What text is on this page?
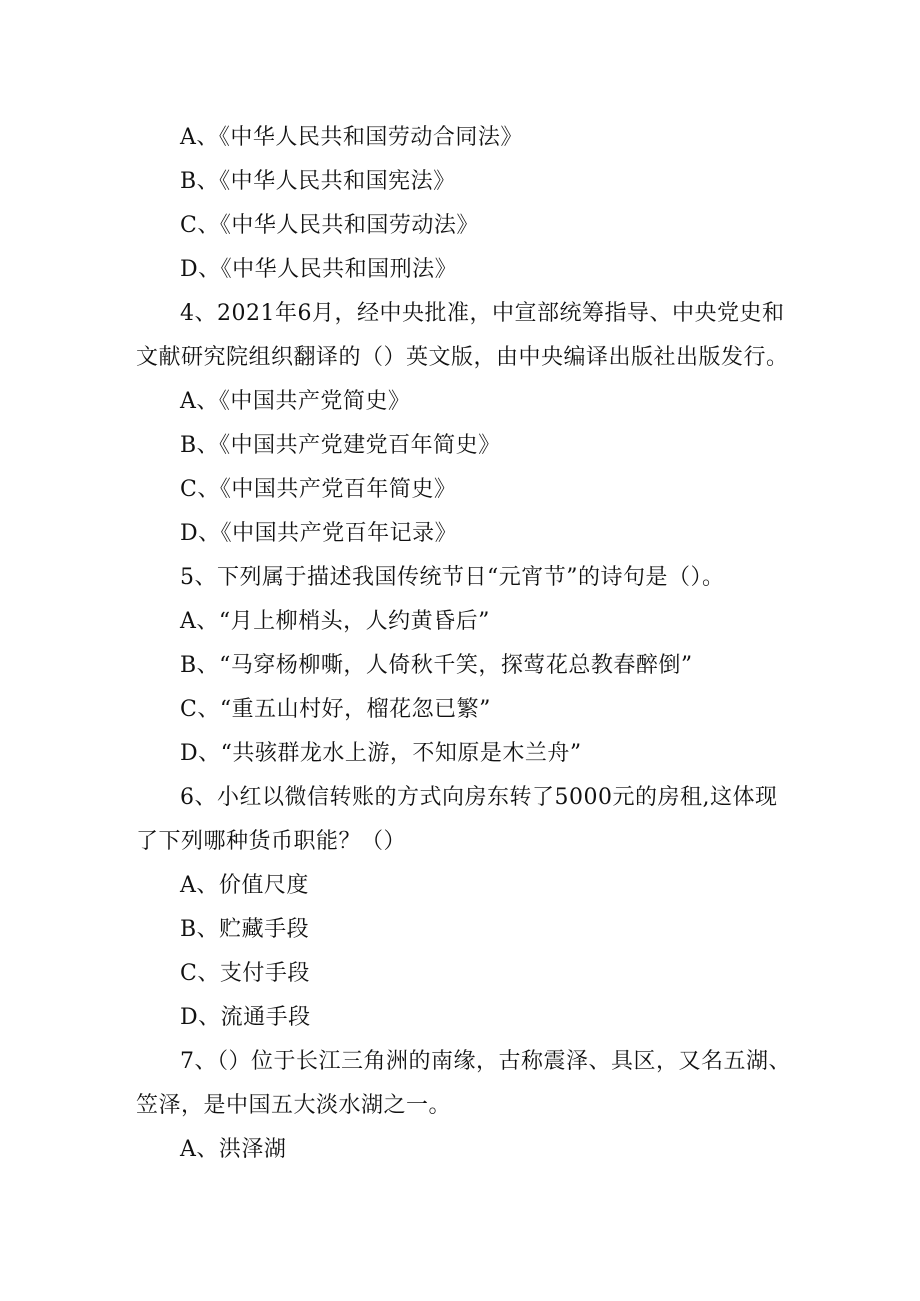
A、《中华人民共和国劳动合同法》
B、《中华人民共和国宪法》
C、《中华人民共和国劳动法》
D、《中华人民共和国刑法》
4、2021年6月，经中央批准，中宣部统筹指导、中央党史和
文献研究院组织翻译的（）英文版，由中央编译出版社出版发行。
A、《中国共产党简史》
B、《中国共产党建党百年简史》
C、《中国共产党百年简史》
D、《中国共产党百年记录》
5、下列属于描述我国传统节日“元宵节”的诗句是（）。
A、“月上柳梢头，人约黄昏后”
B、“马穿杨柳嘶，人倚秋千笑，探莺花总教春醉倒”
C、“重五山村好，榴花忽已繁”
D、“共骇群龙水上游，不知原是木兰舟”
6、小红以微信转账的方式向房东转了5000元的房租,这体现
了下列哪种货币职能？（）
A、价值尺度
B、贮藏手段
C、支付手段
D、流通手段
7、（）位于长江三角洲的南缘，古称震泽、具区，又名五湖、
笠泽，是中国五大淡水湖之一。
A、洪泽湖
